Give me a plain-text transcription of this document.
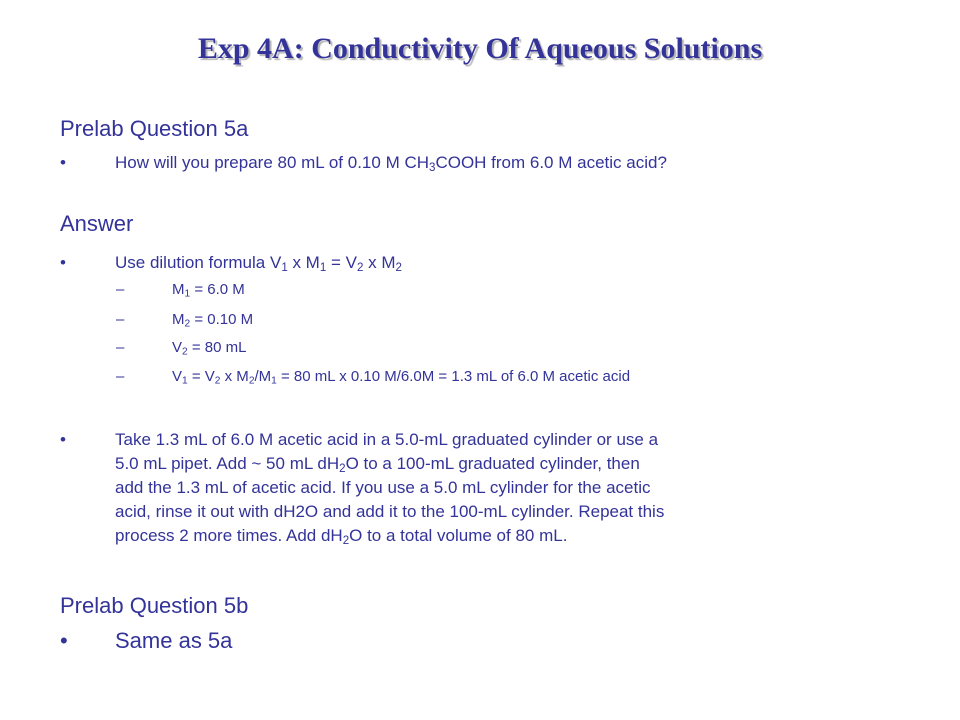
Exp 4A: Conductivity Of Aqueous Solutions
Prelab Question 5a
•	How will you prepare 80 mL of 0.10 M $CH_3COOH$ from 6.0 M acetic acid?
Answer
•	Use dilution formula $V_1$ x $M_1 = V_2$ x $M_2$
–	$M_1 = 6.0$ M
–	$M_2 = 0.10$ M
–	$V_2 = 80$ mL
–	$V_1 = V_2$ x $M_2/M_1 = 80$ mL x 0.10 M/6.0M = 1.3 mL of 6.0 M acetic acid
•	Take 1.3 mL of 6.0 M acetic acid in a 5.0-mL graduated cylinder or use a
5.0 mL pipet. Add ~ 50 mL $dH_2O$ to a 100-mL graduated cylinder, then
add the 1.3 mL of acetic acid. If you use a 5.0 mL cylinder for the acetic
acid, rinse it out with dH2O and add it to the 100-mL cylinder. Repeat this
process 2 more times. Add $dH_2O$ to a total volume of 80 mL.
Prelab Question 5b
• Same as 5a
